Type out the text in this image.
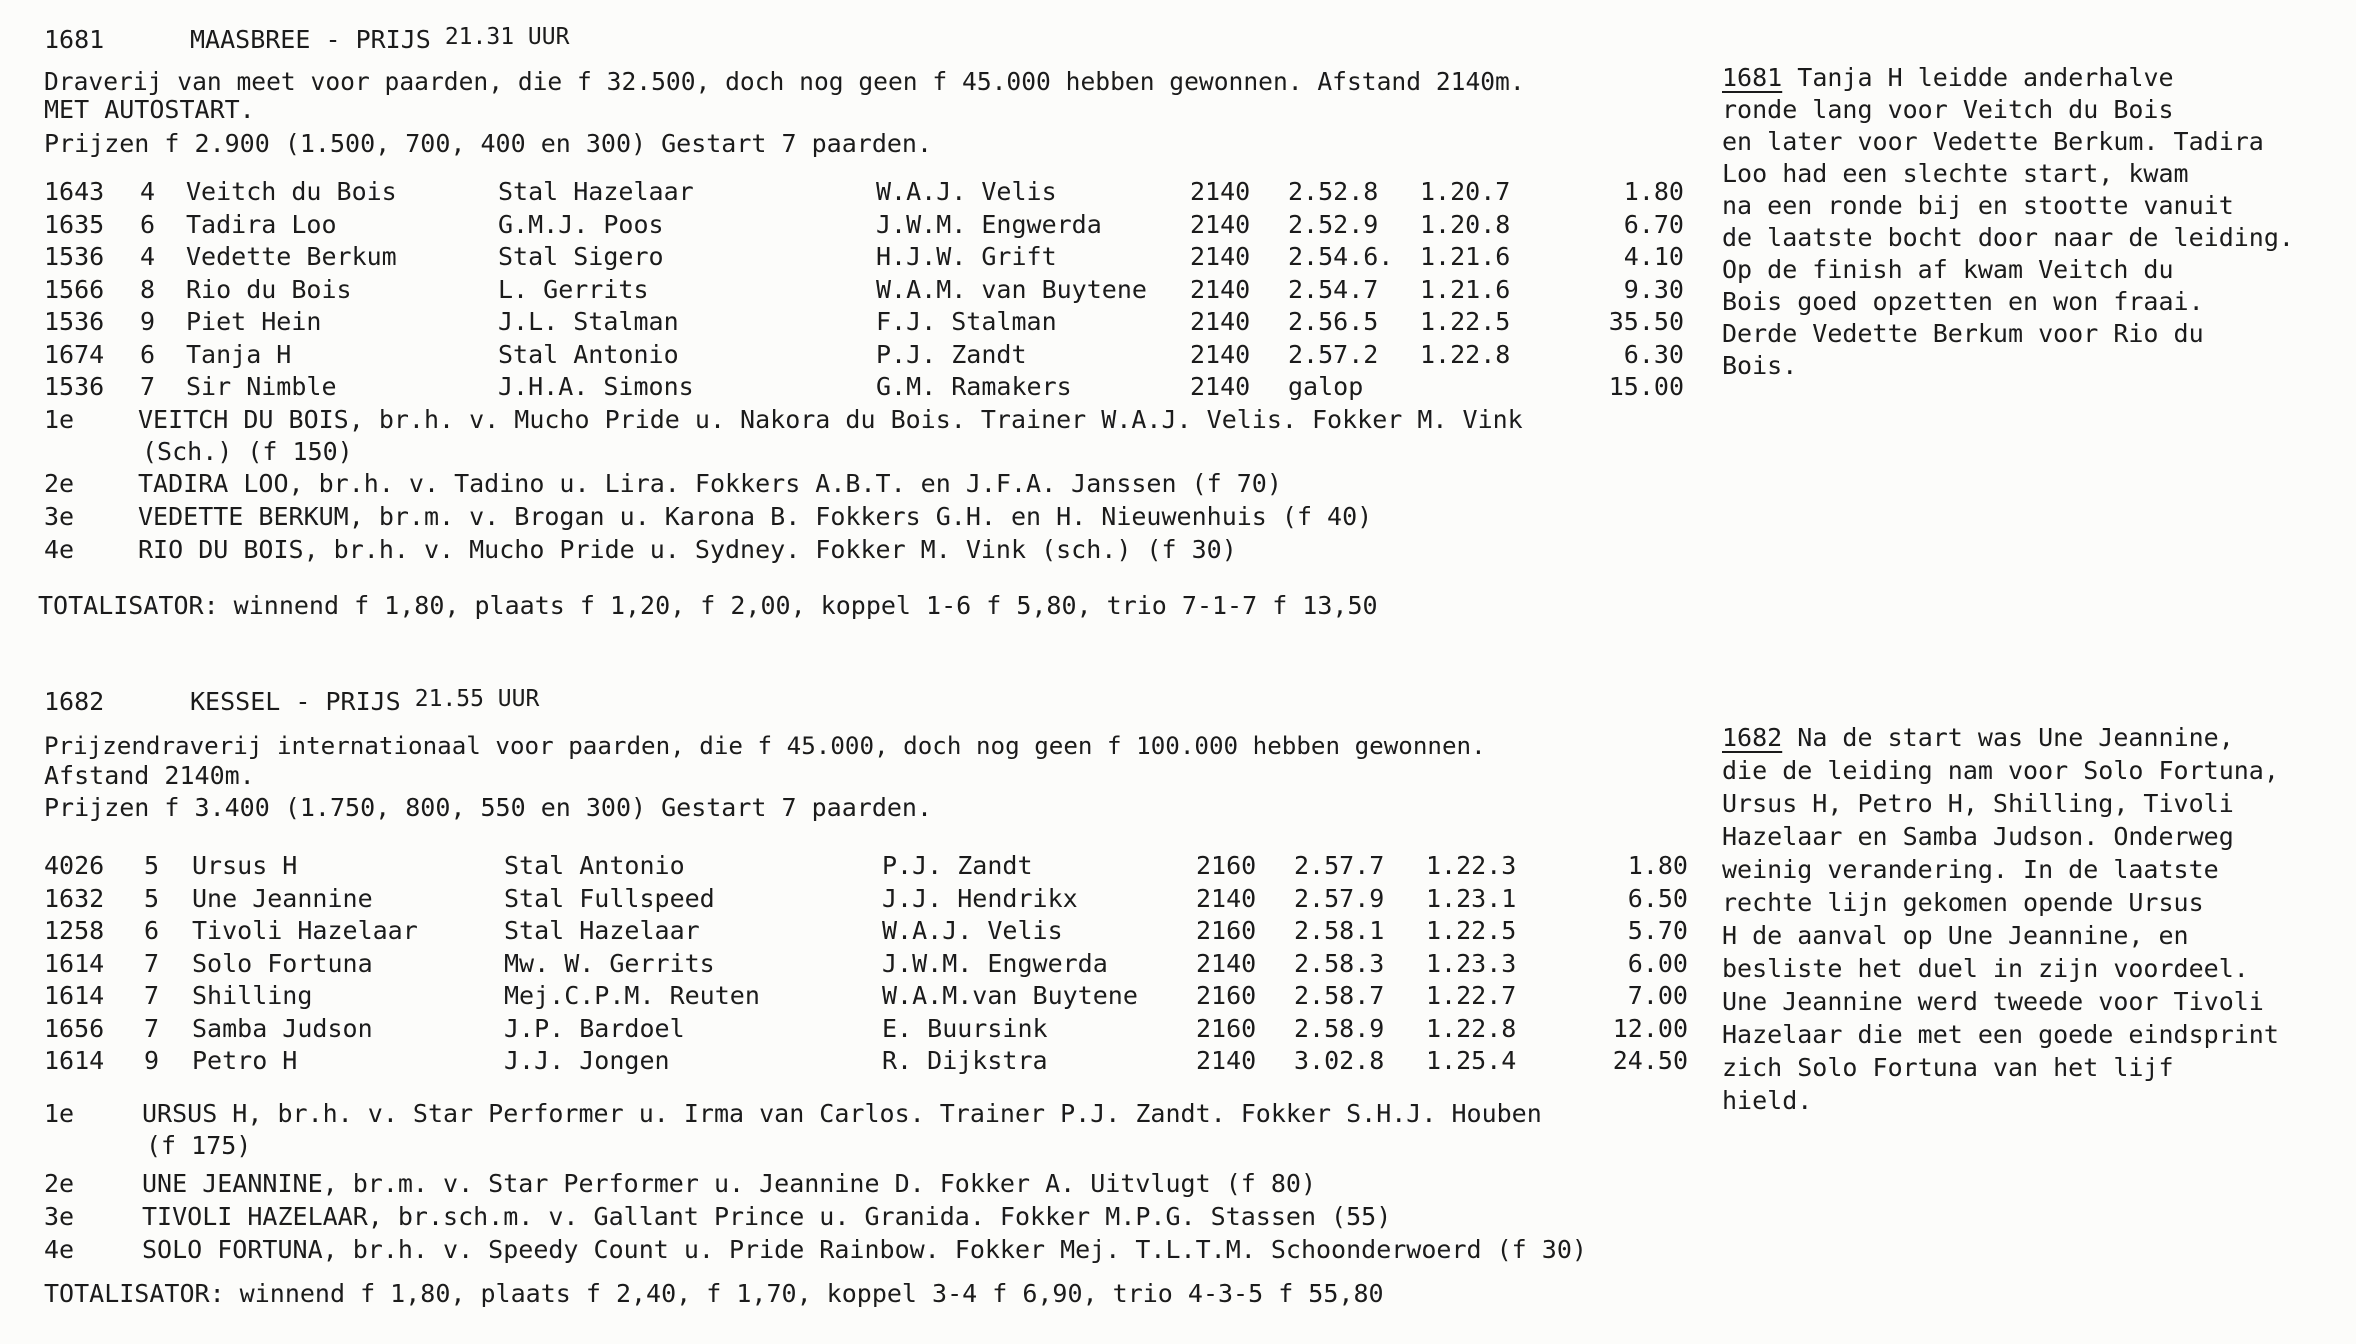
1681	MAASBREE - PRIJS 21.31 UUR
Draverij van meet voor paarden, die f 32.500, doch nog geen f 45.000 hebben gewonnen. Afstand 2140m.
MET AUTOSTART.
Prijzen f 2.900 (1.500, 700, 400 en 300) Gestart 7 paarden.
1643 4 Veitch du Bois	Stal Hazelaar	W.A.J. Velis	2140 2.52.8 1.20.7	1.80
1635 6 Tadira Loo	G.M.J. Poos	J.W.M. Engwerda	2140 2.52.9 1.20.8	6.70
1536 4 Vedette Berkum	Stal Sigero	H.J.W. Grift	2140 2.54.6. 1.21.6	4.10
1566 8 Rio du Bois	L. Gerrits	W.A.M. van Buytene 2140 2.54.7 1.21.6	9.30
1536 9 Piet Hein	J.L. Stalman	F.J. Stalman	2140 2.56.5 1.22.5	35.50
1674 6 Tanja H	Stal Antonio	P.J. Zandt	2140 2.57.2 1.22.8	6.30
1536 7 Sir Nimble	J.H.A. Simons	G.M. Ramakers	2140 galop	15.00
1e	VEITCH DU BOIS, br.h. v. Mucho Pride u. Nakora du Bois. Trainer W.A.J. Velis. Fokker M. Vink
(Sch.) (f 150)
2e	TADIRA LOO, br.h. v. Tadino u. Lira. Fokkers A.B.T. en J.F.A. Janssen (f 70)
3e	VEDETTE BERKUM, br.m. v. Brogan u. Karona B. Fokkers G.H. en H. Nieuwenhuis (f 40)
4e	RIO DU BOIS, br.h. v. Mucho Pride u. Sydney. Fokker M. Vink (sch.) (f 30)
TOTALISATOR: winnend f 1,80, plaats f 1,20, f 2,00, koppel 1-6 f 5,80, trio 7-1-7 f 13,50
1681 Tanja H leidde anderhalve
ronde lang voor Veitch du Bois
en later voor Vedette Berkum. Tadira
Loo had een slechte start, kwam
na een ronde bij en stootte vanuit
de laatste bocht door naar de leiding.
Op de finish af kwam Veitch du
Bois goed opzetten en won fraai.
Derde Vedette Berkum voor Rio du
Bois.
1682	KESSEL - PRIJS 21.55 UUR
Prijzendraverij internationaal voor paarden, die f 45.000, doch nog geen f 100.000 hebben gewonnen.
Afstand 2140m.
Prijzen f 3.400 (1.750, 800, 550 en 300) Gestart 7 paarden.
4026 5 Ursus H	Stal Antonio	P.J. Zandt	2160 2.57.7 1.22.3	1.80
1632 5 Une Jeannine	Stal Fullspeed	J.J. Hendrikx	2140 2.57.9 1.23.1	6.50
1258 6 Tivoli Hazelaar	Stal Hazelaar	W.A.J. Velis	2160 2.58.1 1.22.5	5.70
1614 7 Solo Fortuna	Mw. W. Gerrits	J.W.M. Engwerda	2140 2.58.3 1.23.3	6.00
1614 7 Shilling	Mej.C.P.M. Reuten	W.A.M.van Buytene 2160 2.58.7 1.22.7	7.00
1656 7 Samba Judson	J.P. Bardoel	E. Buursink	2160 2.58.9 1.22.8	12.00
1614 9 Petro H	J.J. Jongen	R. Dijkstra	2140 3.02.8 1.25.4	24.50
1e	URSUS H, br.h. v. Star Performer u. Irma van Carlos. Trainer P.J. Zandt. Fokker S.H.J. Houben
(f 175)
2e	UNE JEANNINE, br.m. v. Star Performer u. Jeannine D. Fokker A. Uitvlugt (f 80)
3e	TIVOLI HAZELAAR, br.sch.m. v. Gallant Prince u. Granida. Fokker M.P.G. Stassen (55)
4e	SOLO FORTUNA, br.h. v. Speedy Count u. Pride Rainbow. Fokker Mej. T.L.T.M. Schoonderwoerd (f 30)
TOTALISATOR: winnend f 1,80, plaats f 2,40, f 1,70, koppel 3-4 f 6,90, trio 4-3-5 f 55,80
1682 Na de start was Une Jeannine,
die de leiding nam voor Solo Fortuna,
Ursus H, Petro H, Shilling, Tivoli
Hazelaar en Samba Judson. Onderweg
weinig verandering. In de laatste
rechte lijn gekomen opende Ursus
H de aanval op Une Jeannine, en
besliste het duel in zijn voordeel.
Une Jeannine werd tweede voor Tivoli
Hazelaar die met een goede eindsprint
zich Solo Fortuna van het lijf
hield.
